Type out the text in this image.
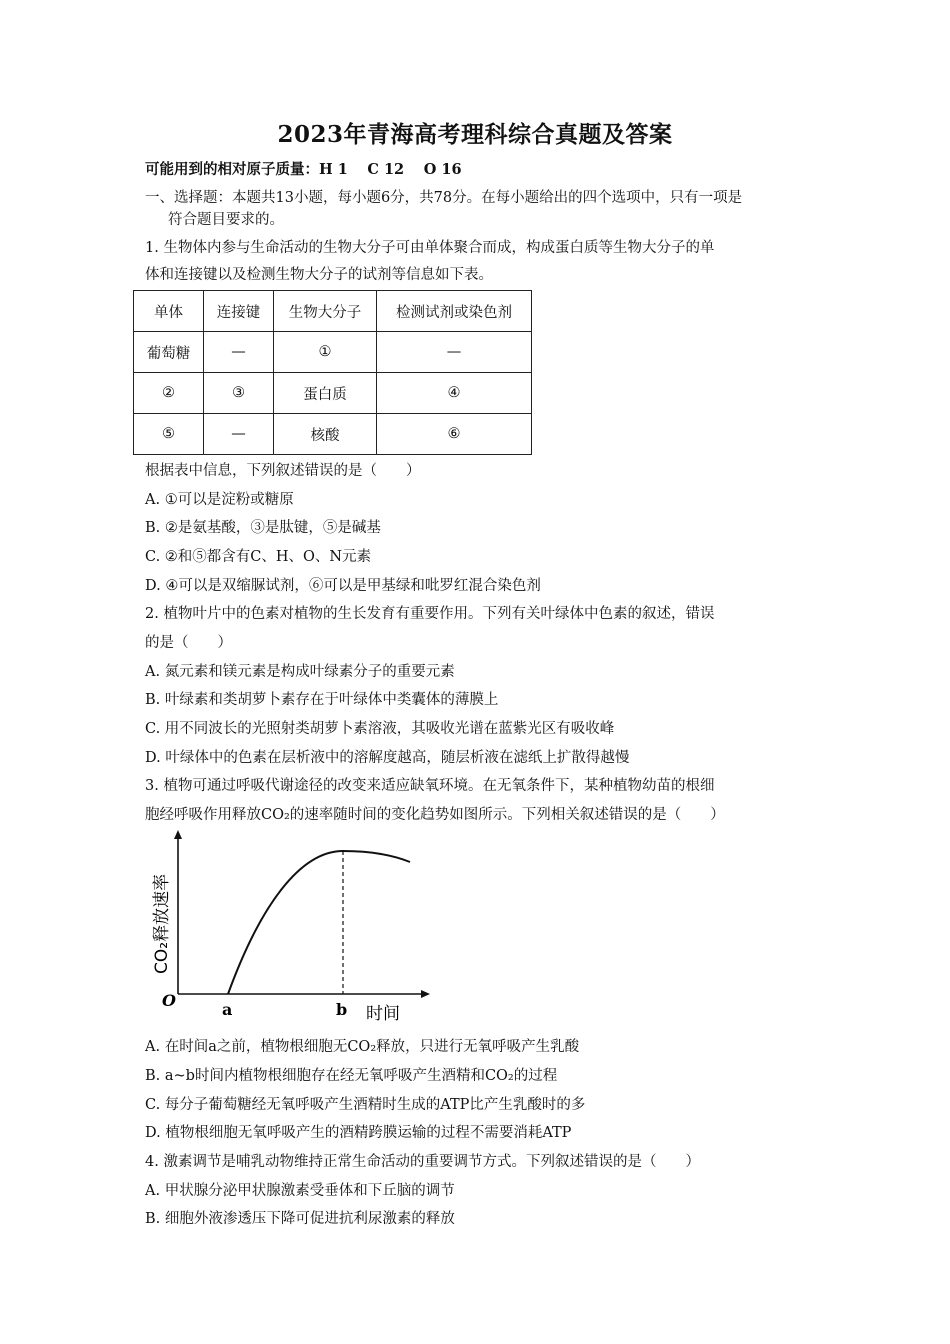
2023年青海高考理科综合真题及答案
可能用到的相对原子质量：H 1　 C 12　 O 16
一、选择题：本题共13小题，每小题6分，共78分。在每小题给出的四个选项中，只有一项是
符合题目要求的。
1. 生物体内参与生命活动的生物大分子可由单体聚合而成，构成蛋白质等生物大分子的单
体和连接键以及检测生物大分子的试剂等信息如下表。
单体	连接键	生物大分子	检测试剂或染色剂
葡萄糖	—	①	—
②	③	蛋白质	④
⑤	—	核酸	⑥
根据表中信息，下列叙述错误的是（　　）
A. ①可以是淀粉或糖原
B. ②是氨基酸，③是肽键，⑤是碱基
C. ②和⑤都含有C、H、O、N元素
D. ④可以是双缩脲试剂，⑥可以是甲基绿和吡罗红混合染色剂
2. 植物叶片中的色素对植物的生长发育有重要作用。下列有关叶绿体中色素的叙述，错误
的是（　　）
A. 氮元素和镁元素是构成叶绿素分子的重要元素
B. 叶绿素和类胡萝卜素存在于叶绿体中类囊体的薄膜上
C. 用不同波长的光照射类胡萝卜素溶液，其吸收光谱在蓝紫光区有吸收峰
D. 叶绿体中的色素在层析液中的溶解度越高，随层析液在滤纸上扩散得越慢
3. 植物可通过呼吸代谢途径的改变来适应缺氧环境。在无氧条件下，某种植物幼苗的根细
胞经呼吸作用释放CO₂的速率随时间的变化趋势如图所示。下列相关叙述错误的是（　　）
CO₂释放速率
O	a	b 时间
A. 在时间a之前，植物根细胞无CO₂释放，只进行无氧呼吸产生乳酸
B. a~b时间内植物根细胞存在经无氧呼吸产生酒精和CO₂的过程
C. 每分子葡萄糖经无氧呼吸产生酒精时生成的ATP比产生乳酸时的多
D. 植物根细胞无氧呼吸产生的酒精跨膜运输的过程不需要消耗ATP
4. 激素调节是哺乳动物维持正常生命活动的重要调节方式。下列叙述错误的是（　　）
A. 甲状腺分泌甲状腺激素受垂体和下丘脑的调节
B. 细胞外液渗透压下降可促进抗利尿激素的释放
